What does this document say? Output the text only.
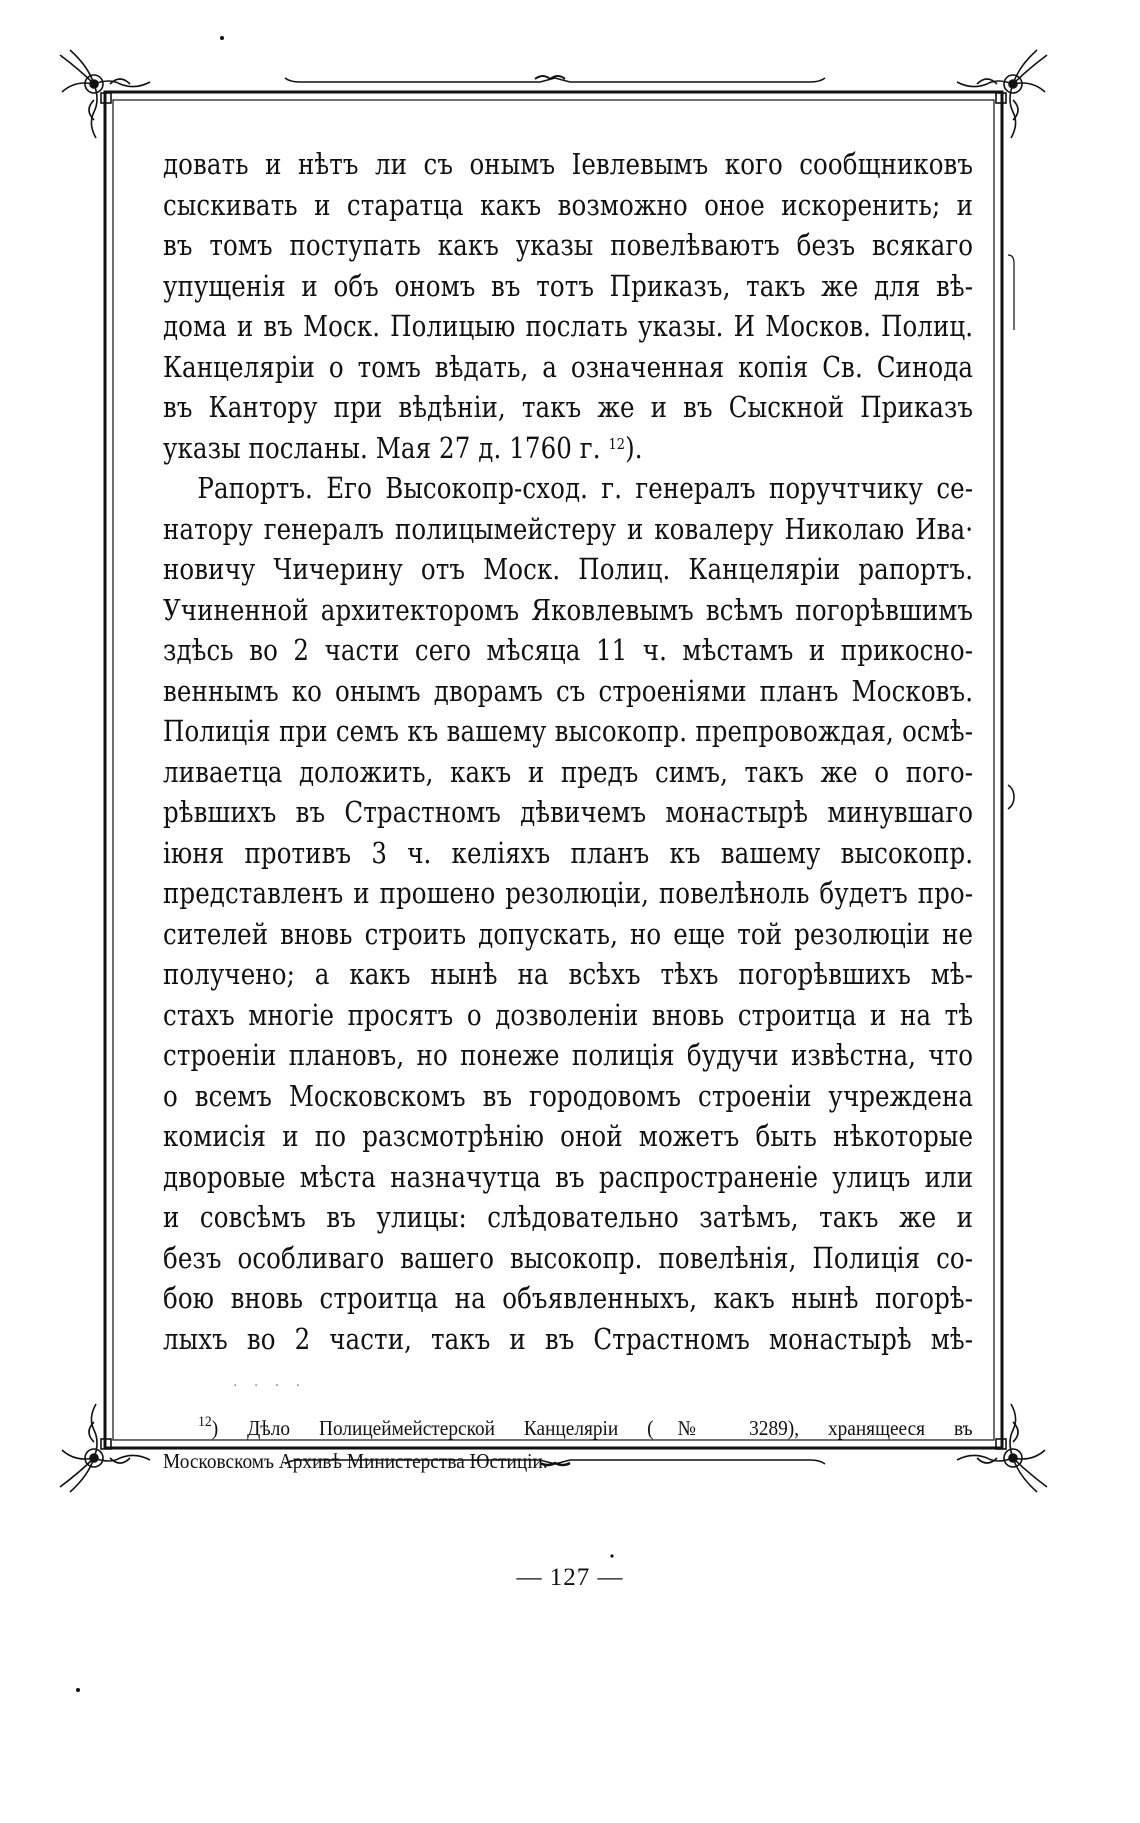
довать и нѣтъ ли съ онымъ Іевлевымъ кого сообщниковъ
сыскивать и старатца какъ возможно оное искоренить; и
въ томъ поступать какъ указы повелѣваютъ безъ всякаго
упущенія и объ ономъ въ тотъ Приказъ, такъ же для вѣ-
дома и въ Моск. Полицыю послать указы. И Москов. Полиц.
Канцеляріи о томъ вѣдать, а означенная копія Св. Синода
въ Кантору при вѣдѣніи, такъ же и въ Сыскной Приказъ
указы посланы. Мая 27 д. 1760 г. $^{12}$).
Рапортъ. Его Высокопр-сход. г. генералъ поручтчику се-
натору генералъ полицымейстеру и ковалеру Николаю Ива·
новичу Чичерину отъ Моск. Полиц. Канцеляріи рапортъ.
Учиненной архитекторомъ Яковлевымъ всѣмъ погорѣвшимъ
здѣсь во 2 части сего мѣсяца 11 ч. мѣстамъ и прикосно-
веннымъ ко онымъ дворамъ съ строеніями планъ Московъ.
Полиція при семъ къ вашему высокопр. препровождая, осмѣ-
ливаетца доложить, какъ и предъ симъ, такъ же о пого-
рѣвшихъ въ Страстномъ дѣвичемъ монастырѣ минувшаго
іюня противъ 3 ч. келіяхъ планъ къ вашему высокопр.
представленъ и прошено резолюціи, повелѣноль будетъ про-
сителей вновь строить допускать, но еще той резолюціи не
получено; а какъ нынѣ на всѣхъ тѣхъ погорѣвшихъ мѣ-
стахъ многіе просятъ о дозволеніи вновь строитца и на тѣ
строеніи плановъ, но понеже полиція будучи извѣстна, что
о всемъ Московскомъ въ городовомъ строеніи учреждена
комисія и по разсмотрѣнію оной можетъ быть нѣкоторые
дворовые мѣста назначутца въ распространеніе улицъ или
и совсѣмъ въ улицы: слѣдовательно затѣмъ, такъ же и
безъ особливаго вашего высокопр. повелѣнія, Полиція со-
бою вновь строитца на объявленныхъ, какъ нынѣ погорѣ-
лыхъ во 2 части, такъ и въ Страстномъ монастырѣ мѣ-
· · · ·
$^{12}$) Дѣло Полицеймейстерской Канцеляріи (№ 3289), хранящееся въ
Московскомъ Архивѣ Министерства Юстиціи.
— 127 —
